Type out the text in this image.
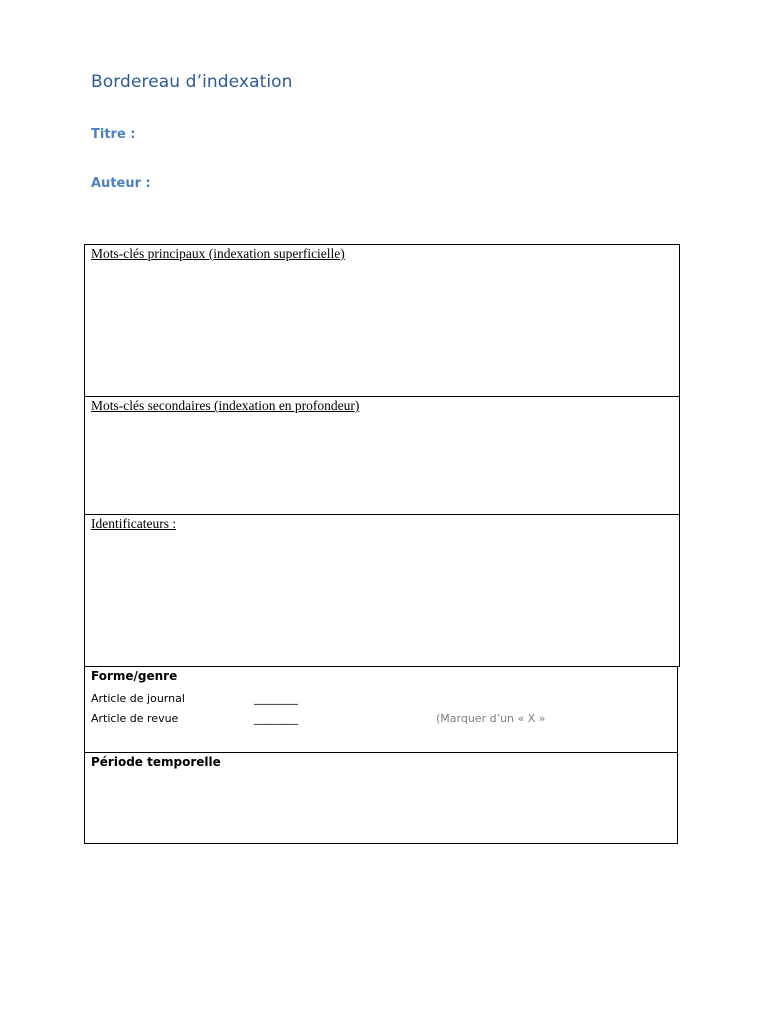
Bordereau d’indexation
Titre :
Auteur :
Mots-clés principaux (indexation superficielle)
Mots-clés secondaires (indexation en profondeur)
Identificateurs :
Forme/genre
Article de journal	________
Article de revue	________	(Marquer d’un « X »
Période temporelle
